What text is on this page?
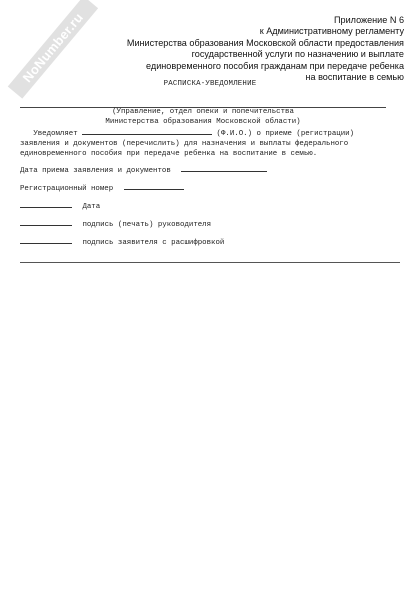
NoNumber.ru	Приложение N 6
к Административному регламенту
Министерства образования Московской области предоставления
государственной услуги по назначению и выплате
единовременного пособия гражданам при передаче ребенка
на воспитание в семью
РАСПИСКА-УВЕДОМЛЕНИЕ
(Управление, отдел опеки и попечительства
Министерства образования Московской области)
Уведомляет	(Ф.И.О.) о приеме (регистрации)
заявления и документов (перечислить) для назначения и выплаты федерального
единовременного пособия при передаче ребенка на воспитание в семью.
Дата приема заявления и документов
Регистрационный номер
Дата
подпись (печать) руководителя
подпись заявителя с расшифровкой
